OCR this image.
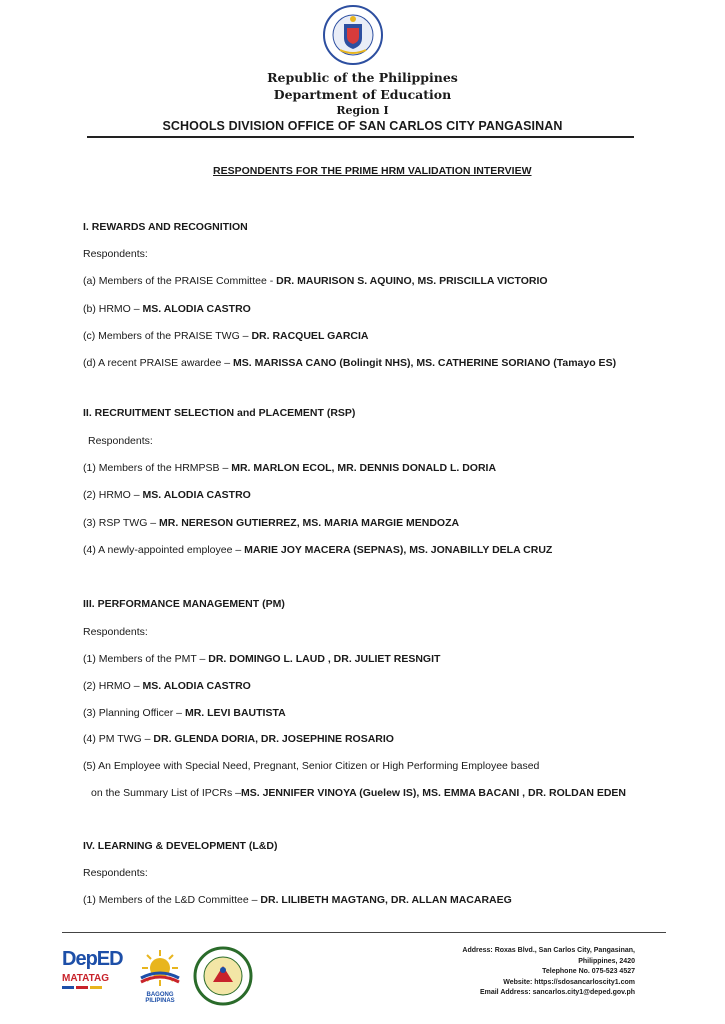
Republic of the Philippines
Department of Education
Region I
SCHOOLS DIVISION OFFICE OF SAN CARLOS CITY PANGASINAN
RESPONDENTS FOR THE PRIME HRM VALIDATION INTERVIEW
I. REWARDS AND RECOGNITION
Respondents:
(a) Members of the PRAISE Committee - DR. MAURISON S. AQUINO, MS. PRISCILLA VICTORIO
(b) HRMO – MS. ALODIA CASTRO
(c) Members of the PRAISE TWG – DR. RACQUEL GARCIA
(d) A recent PRAISE awardee – MS. MARISSA CANO (Bolingit NHS), MS. CATHERINE SORIANO (Tamayo ES)
II. RECRUITMENT SELECTION and PLACEMENT (RSP)
Respondents:
(1) Members of the HRMPSB – MR. MARLON ECOL, MR. DENNIS DONALD L. DORIA
(2) HRMO – MS. ALODIA CASTRO
(3) RSP TWG – MR. NERESON GUTIERREZ, MS. MARIA MARGIE MENDOZA
(4) A newly-appointed employee – MARIE JOY MACERA (SEPNAS), MS. JONABILLY DELA CRUZ
III. PERFORMANCE MANAGEMENT (PM)
Respondents:
(1) Members of the PMT – DR. DOMINGO L. LAUD , DR. JULIET RESNGIT
(2) HRMO – MS. ALODIA CASTRO
(3) Planning Officer – MR. LEVI BAUTISTA
(4) PM TWG – DR. GLENDA DORIA, DR. JOSEPHINE ROSARIO
(5) An Employee with Special Need, Pregnant, Senior Citizen or High Performing Employee based
on the Summary List of IPCRs –MS. JENNIFER VINOYA (Guelew IS), MS. EMMA BACANI , DR. ROLDAN EDEN
IV. LEARNING & DEVELOPMENT (L&D)
Respondents:
(1) Members of the L&D Committee – DR. LILIBETH MAGTANG, DR. ALLAN MACARAEG
DepED
MATATAG
BAGONG PILIPINAS
Address: Roxas Blvd., San Carlos City, Pangasinan,
Philippines, 2420
Telephone No. 075-523 4527
Website: https://sdosancarloscity1.com
Email Address: sancarlos.city1@deped.gov.ph
